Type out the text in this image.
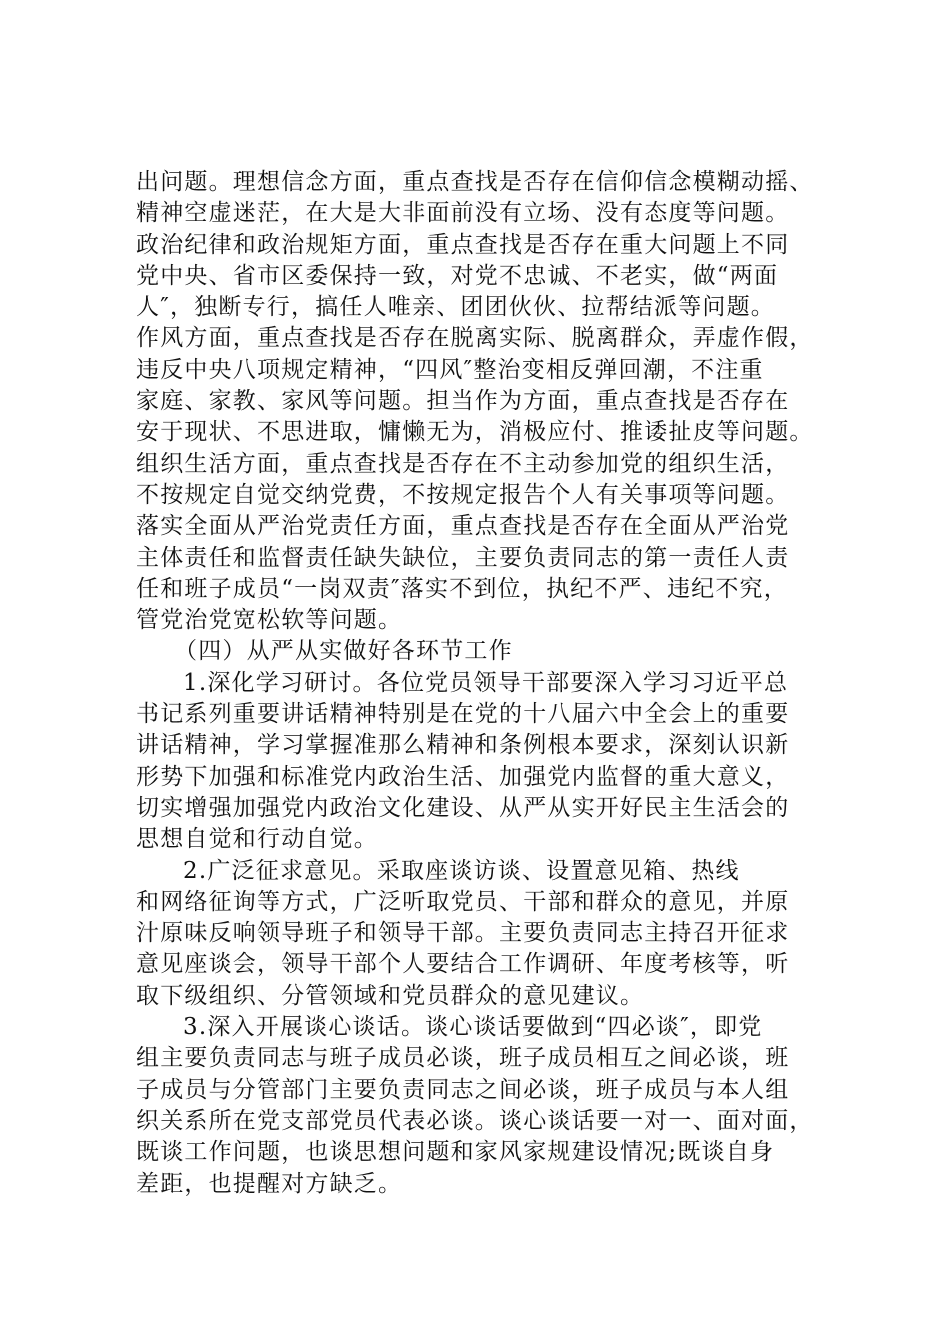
出问题。理想信念方面，重点查找是否存在信仰信念模糊动摇、
精神空虚迷茫，在大是大非面前没有立场、没有态度等问题。
政治纪律和政治规矩方面，重点查找是否存在重大问题上不同
党中央、省市区委保持一致，对党不忠诚、不老实，做“两面
人″，独断专行，搞任人唯亲、团团伙伙、拉帮结派等问题。
作风方面，重点查找是否存在脱离实际、脱离群众，弄虚作假，
违反中央八项规定精神，“四风″整治变相反弹回潮，不注重
家庭、家教、家风等问题。担当作为方面，重点查找是否存在
安于现状、不思进取，慵懒无为，消极应付、推诿扯皮等问题。
组织生活方面，重点查找是否存在不主动参加党的组织生活，
不按规定自觉交纳党费，不按规定报告个人有关事项等问题。
落实全面从严治党责任方面，重点查找是否存在全面从严治党
主体责任和监督责任缺失缺位，主要负责同志的第一责任人责
任和班子成员“一岗双责″落实不到位，执纪不严、违纪不究，
管党治党宽松软等问题。
（四）从严从实做好各环节工作
1.深化学习研讨。各位党员领导干部要深入学习习近平总
书记系列重要讲话精神特别是在党的十八届六中全会上的重要
讲话精神，学习掌握准那么精神和条例根本要求，深刻认识新
形势下加强和标准党内政治生活、加强党内监督的重大意义，
切实增强加强党内政治文化建设、从严从实开好民主生活会的
思想自觉和行动自觉。
2.广泛征求意见。采取座谈访谈、设置意见箱、热线
和网络征询等方式，广泛听取党员、干部和群众的意见，并原
汁原味反响领导班子和领导干部。主要负责同志主持召开征求
意见座谈会，领导干部个人要结合工作调研、年度考核等，听
取下级组织、分管领域和党员群众的意见建议。
3.深入开展谈心谈话。谈心谈话要做到“四必谈″，即党
组主要负责同志与班子成员必谈，班子成员相互之间必谈，班
子成员与分管部门主要负责同志之间必谈，班子成员与本人组
织关系所在党支部党员代表必谈。谈心谈话要一对一、面对面，
既谈工作问题，也谈思想问题和家风家规建设情况;既谈自身
差距，也提醒对方缺乏。
